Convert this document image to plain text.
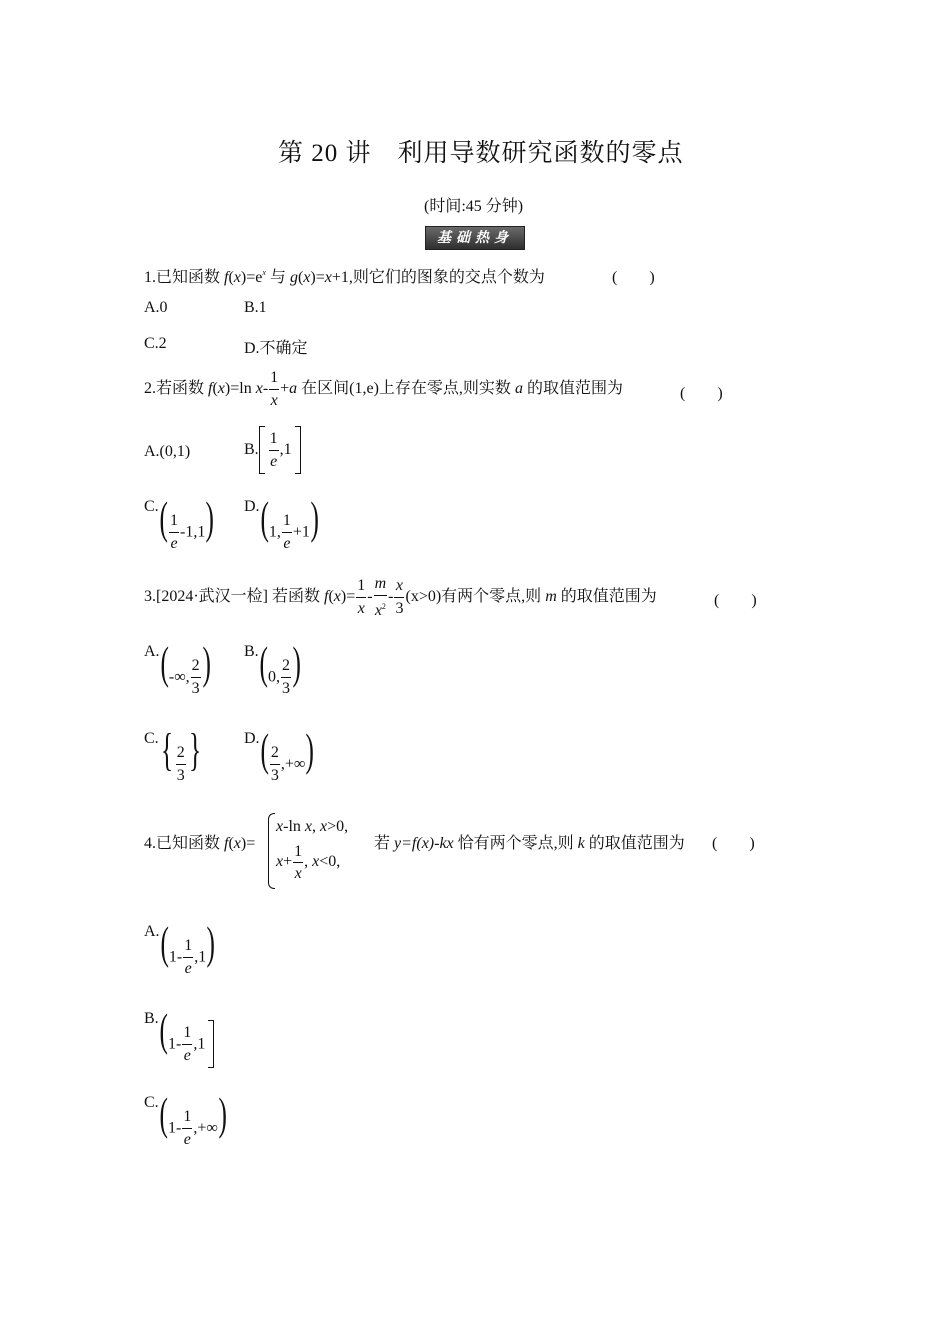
第 20 讲　利用导数研究函数的零点
(时间:45 分钟)
基础热身
1.已知函数 $f(x)=e^x$ 与 g(x)=x+1,则它们的图象的交点个数为	(　　)
A.0	B.1
C.2	D.不确定
2.若函数 f(x)=ln $x- \frac{1}{x} +a$ 在区间(1,e)上存在零点,则实数 a 的取值范围为	(　　)
A.(0,1)	B. $\frac{1}{e} ,1$
$C.( \frac{1}{e} -1,1)$ D.(1, $\frac{1}{e} +1$)
3.[2024·武汉一检] 若函数 $f(x)= \frac{1}{x} - \frac{m}{x^2} - \frac{x}{3} (x>0)$有两个零点,则 m 的取值范围为	(　　)
A.(-∞, $\frac{2}{3}$ ) B.(0, $\frac{2}{3}$ )
$C.\{ \frac{2}{3}$ }	$D.( \frac{2}{3}$ ,+∞)
4.已知函数 f(x)=
x-ln x, x>0,
$x+ \frac{1}{x}$ , x<0,
若 y=f(x)-kx 恰有两个零点,则 k 的取值范围为 (　　)
$A.(1- \frac{1}{e} ,1)$
$B.(1- \frac{1}{e} ,1$
$C.(1- \frac{1}{e}$ ,+∞)
